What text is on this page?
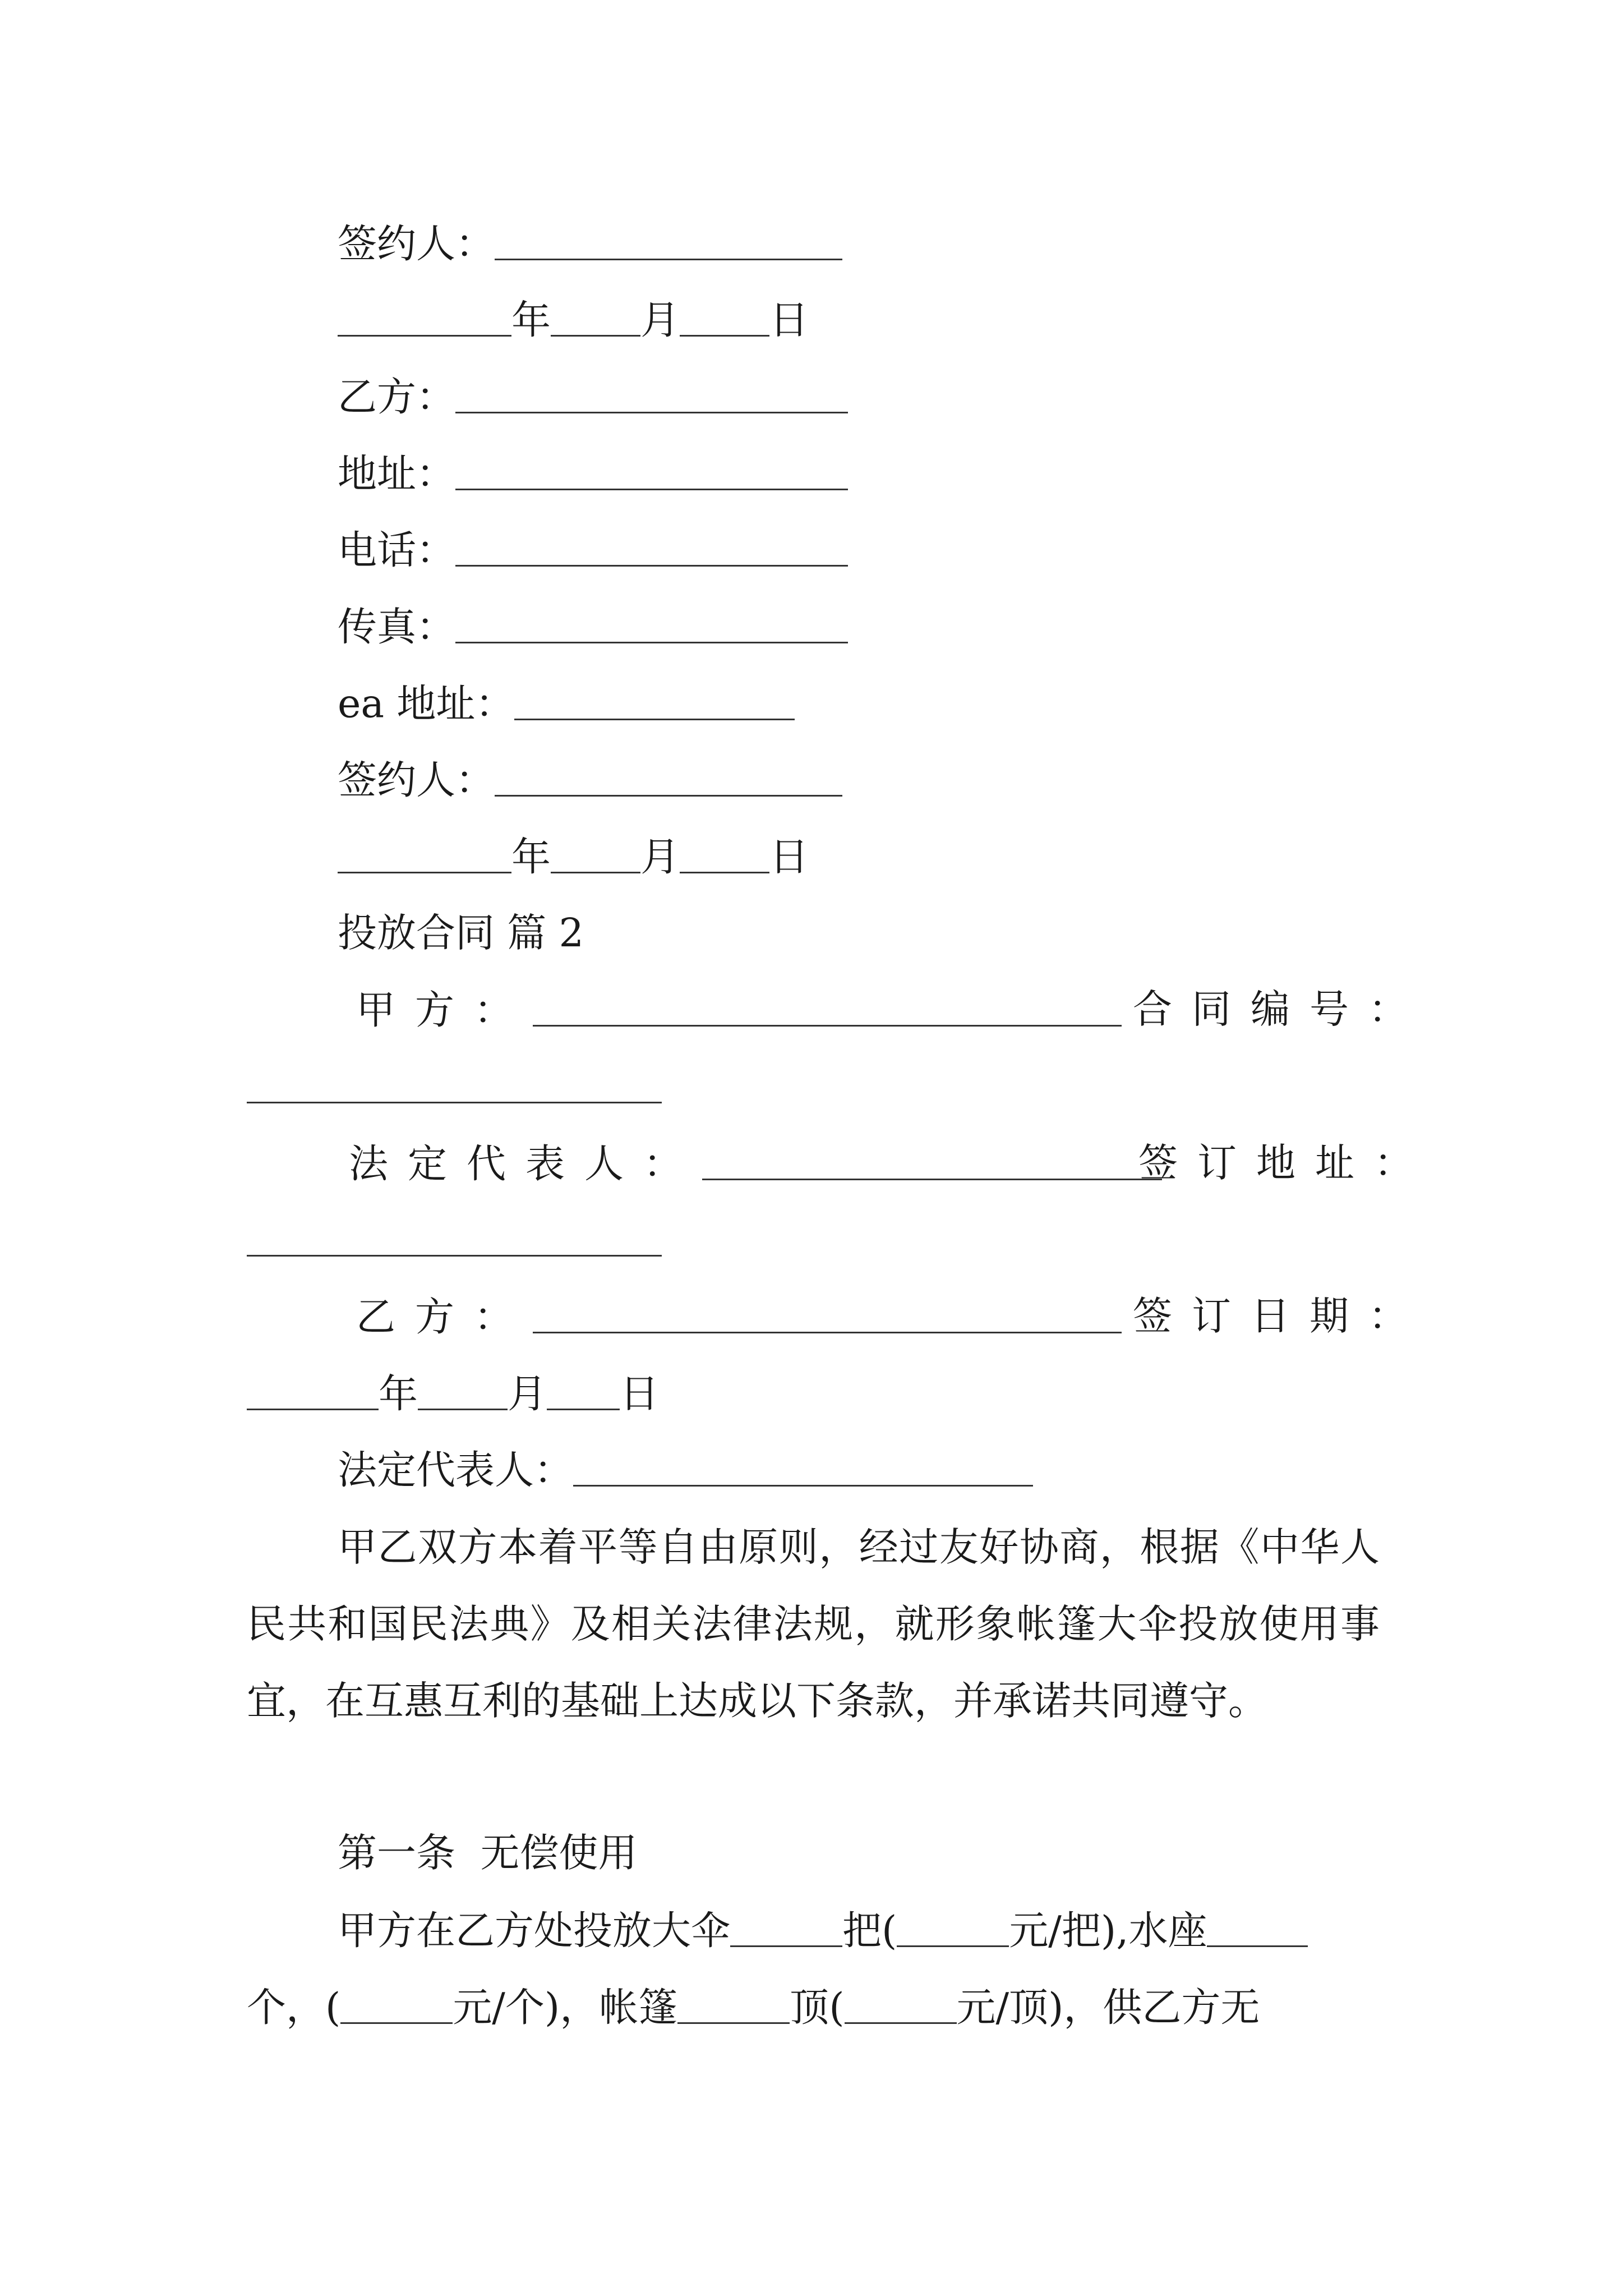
签约人：
年 月 日
乙方：
地址：
电话：
传真：
ea 地址：
签约人：
年 月 日
投放合同 篇 2
甲方：	合同编号：
法定代表人：	签订地址：
乙方：	签订日期：
年 月 日
法定代表人：
甲乙双方本着平等自由原则，经过友好协商，根据《中华人民共和国民法典》及相关法律法规，就形象帐篷大伞投放使用事宜，在互惠互利的基础上达成以下条款，并承诺共同遵守。
第一条  无偿使用
甲方在乙方处投放大伞	把(	元/把),水座
个，(	元/个)，帐篷	顶(	元/顶)，供乙方无
